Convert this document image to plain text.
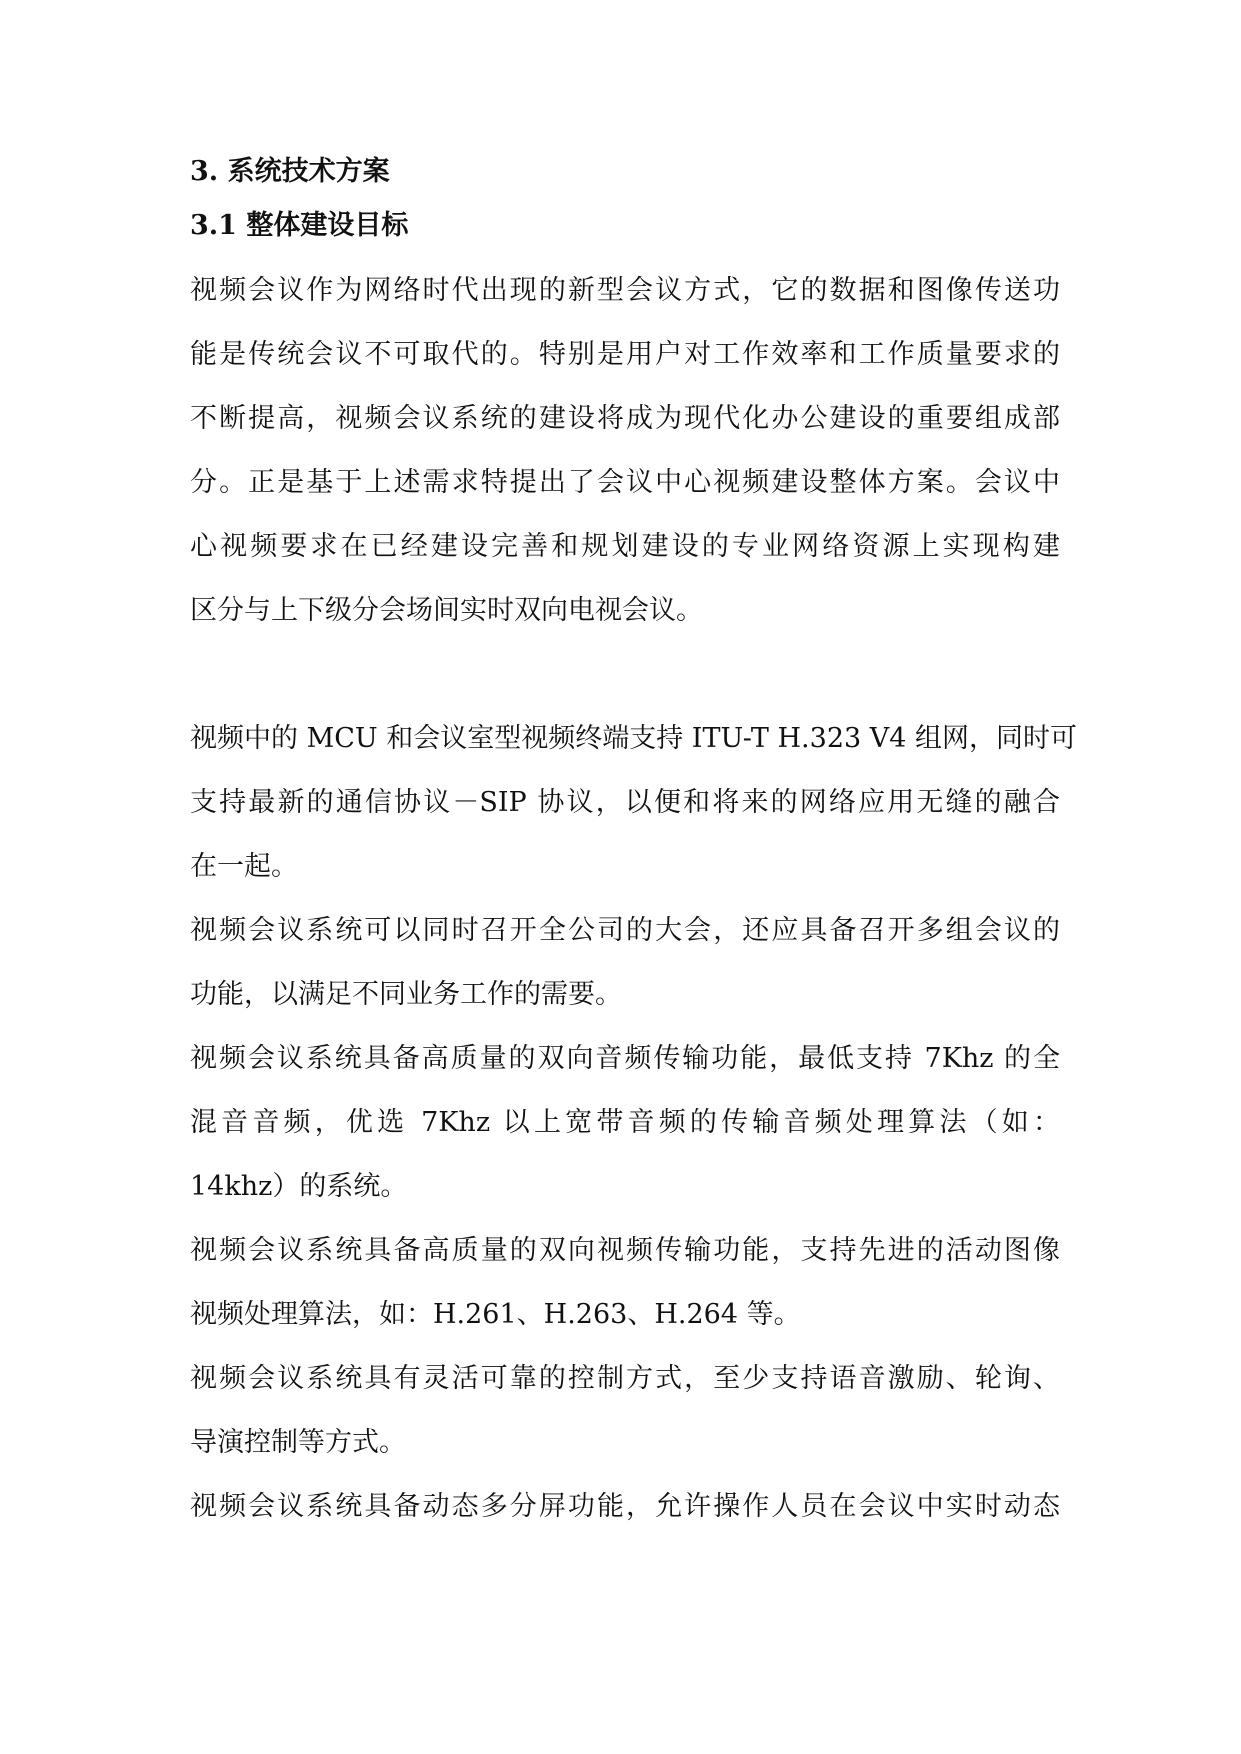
3. 系统技术方案
3.1 整体建设目标

视频会议作为网络时代出现的新型会议方式，它的数据和图像传送功
能是传统会议不可取代的。特别是用户对工作效率和工作质量要求的
不断提高，视频会议系统的建设将成为现代化办公建设的重要组成部
分。正是基于上述需求特提出了会议中心视频建设整体方案。会议中
心视频要求在已经建设完善和规划建设的专业网络资源上实现构建
区分与上下级分会场间实时双向电视会议。

视频中的 MCU 和会议室型视频终端支持 ITU-T H.323 V4 组网，同时可
支持最新的通信协议－SIP 协议，以便和将来的网络应用无缝的融合
在一起。

视频会议系统可以同时召开全公司的大会，还应具备召开多组会议的
功能，以满足不同业务工作的需要。

视频会议系统具备高质量的双向音频传输功能，最低支持 7Khz 的全
混音音频，优选 7Khz 以上宽带音频的传输音频处理算法（如：
14khz）的系统。

视频会议系统具备高质量的双向视频传输功能，支持先进的活动图像
视频处理算法，如：H.261、H.263、H.264 等。

视频会议系统具有灵活可靠的控制方式，至少支持语音激励、轮询、
导演控制等方式。

视频会议系统具备动态多分屏功能，允许操作人员在会议中实时动态
